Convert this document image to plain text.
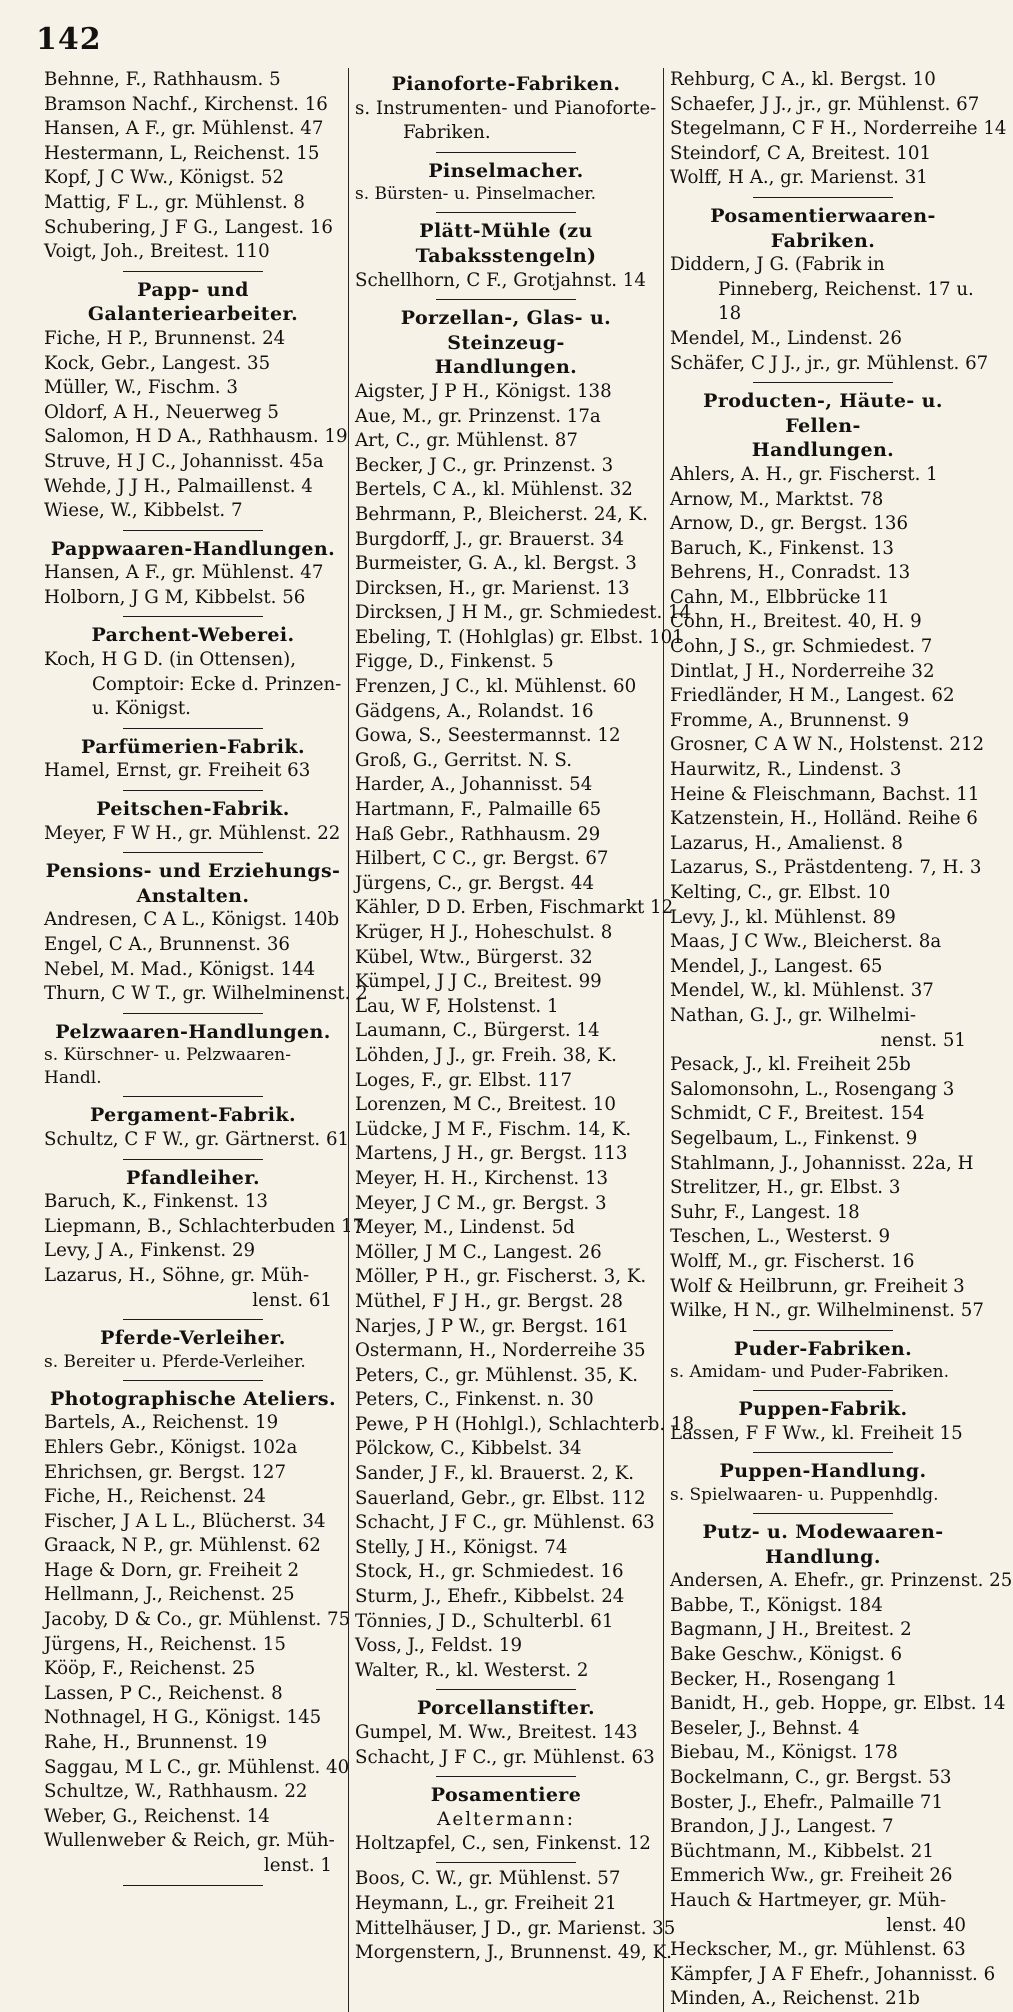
142
Behnne, F., Rathhausm. 5
Bramson Nachf., Kirchenst. 16
Hansen, A F., gr. Mühlenst. 47
Hestermann, L, Reichenst. 15
Kopf, J C Ww., Königst. 52
Mattig, F L., gr. Mühlenst. 8
Schubering, J F G., Langest. 16
Voigt, Joh., Breitest. 110
Papp- und Galanteriearbeiter.
Fiche, H P., Brunnenst. 24
Kock, Gebr., Langest. 35
Müller, W., Fischm. 3
Oldorf, A H., Neuerweg 5
Salomon, H D A., Rathhausm. 19
Struve, H J C., Johannisst. 45a
Wehde, J J H., Palmaillenst. 4
Wiese, W., Kibbelst. 7
Pappwaaren-Handlungen.
Hansen, A F., gr. Mühlenst. 47
Holborn, J G M, Kibbelst. 56
Parchent-Weberei.
Koch, H G D. (in Ottensen), Comptoir: Ecke d. Prinzen- u. Königst.
Parfümerien-Fabrik.
Hamel, Ernst, gr. Freiheit 63
Peitschen-Fabrik.
Meyer, F W H., gr. Mühlenst. 22
Pensions- und Erziehungs-
Anstalten.
Andresen, C A L., Königst. 140b
Engel, C A., Brunnenst. 36
Nebel, M. Mad., Königst. 144
Thurn, C W T., gr. Wilhelminenst. 2
Pelzwaaren-Handlungen.
s. Kürschner- u. Pelzwaaren-Handl.
Pergament-Fabrik.
Schultz, C F W., gr. Gärtnerst. 61
Pfandleiher.
Baruch, K., Finkenst. 13
Liepmann, B., Schlachterbuden 17
Levy, J A., Finkenst. 29
Lazarus, H., Söhne, gr. Müh-
lenst. 61
Pferde-Verleiher.
s. Bereiter u. Pferde-Verleiher.
Photographische Ateliers.
Bartels, A., Reichenst. 19
Ehlers Gebr., Königst. 102a
Ehrichsen, gr. Bergst. 127
Fiche, H., Reichenst. 24
Fischer, J A L L., Blücherst. 34
Graack, N P., gr. Mühlenst. 62
Hage & Dorn, gr. Freiheit 2
Hellmann, J., Reichenst. 25
Jacoby, D & Co., gr. Mühlenst. 75
Jürgens, H., Reichenst. 15
Kööp, F., Reichenst. 25
Lassen, P C., Reichenst. 8
Nothnagel, H G., Königst. 145
Rahe, H., Brunnenst. 19
Saggau, M L C., gr. Mühlenst. 40
Schultze, W., Rathhausm. 22
Weber, G., Reichenst. 14
Wullenweber & Reich, gr. Müh-
lenst. 1
Pianoforte-Fabriken.
s. Instrumenten- und Pianoforte-Fabriken.
Pinselmacher.
s. Bürsten- u. Pinselmacher.
Plätt-Mühle (zu Tabaksstengeln)
Schellhorn, C F., Grotjahnst. 14
Porzellan-, Glas- u. Steinzeug-
Handlungen.
Aigster, J P H., Königst. 138
Aue, M., gr. Prinzenst. 17a
Art, C., gr. Mühlenst. 87
Becker, J C., gr. Prinzenst. 3
Bertels, C A., kl. Mühlenst. 32
Behrmann, P., Bleicherst. 24, K.
Burgdorff, J., gr. Brauerst. 34
Burmeister, G. A., kl. Bergst. 3
Dircksen, H., gr. Marienst. 13
Dircksen, J H M., gr. Schmiedest. 14
Ebeling, T. (Hohlglas) gr. Elbst. 101
Figge, D., Finkenst. 5
Frenzen, J C., kl. Mühlenst. 60
Gädgens, A., Rolandst. 16
Gowa, S., Seestermannst. 12
Groß, G., Gerritst. N. S.
Harder, A., Johannisst. 54
Hartmann, F., Palmaille 65
Haß Gebr., Rathhausm. 29
Hilbert, C C., gr. Bergst. 67
Jürgens, C., gr. Bergst. 44
Kähler, D D. Erben, Fischmarkt 12
Krüger, H J., Hoheschulst. 8
Kübel, Wtw., Bürgerst. 32
Kümpel, J J C., Breitest. 99
Lau, W F, Holstenst. 1
Laumann, C., Bürgerst. 14
Löhden, J J., gr. Freih. 38, K.
Loges, F., gr. Elbst. 117
Lorenzen, M C., Breitest. 10
Lüdcke, J M F., Fischm. 14, K.
Martens, J H., gr. Bergst. 113
Meyer, H. H., Kirchenst. 13
Meyer, J C M., gr. Bergst. 3
Meyer, M., Lindenst. 5d
Möller, J M C., Langest. 26
Möller, P H., gr. Fischerst. 3, K.
Müthel, F J H., gr. Bergst. 28
Narjes, J P W., gr. Bergst. 161
Ostermann, H., Norderreihe 35
Peters, C., gr. Mühlenst. 35, K.
Peters, C., Finkenst. n. 30
Pewe, P H (Hohlgl.), Schlachterb. 18
Pölckow, C., Kibbelst. 34
Sander, J F., kl. Brauerst. 2, K.
Sauerland, Gebr., gr. Elbst. 112
Schacht, J F C., gr. Mühlenst. 63
Stelly, J H., Königst. 74
Stock, H., gr. Schmiedest. 16
Sturm, J., Ehefr., Kibbelst. 24
Tönnies, J D., Schulterbl. 61
Voss, J., Feldst. 19
Walter, R., kl. Westerst. 2
Porcellanstifter.
Gumpel, M. Ww., Breitest. 143
Schacht, J F C., gr. Mühlenst. 63
Posamentiere
Aeltermann:
Holtzapfel, C., sen, Finkenst. 12
Boos, C. W., gr. Mühlenst. 57
Heymann, L., gr. Freiheit 21
Mittelhäuser, J D., gr. Marienst. 35
Morgenstern, J., Brunnenst. 49, K.
Rehburg, C A., kl. Bergst. 10
Schaefer, J J., jr., gr. Mühlenst. 67
Stegelmann, C F H., Norderreihe 14
Steindorf, C A, Breitest. 101
Wolff, H A., gr. Marienst. 31
Posamentierwaaren-Fabriken.
Diddern, J G. (Fabrik in Pinneberg, Reichenst. 17 u. 18
Mendel, M., Lindenst. 26
Schäfer, C J J., jr., gr. Mühlenst. 67
Producten-, Häute- u. Fellen-
Handlungen.
Ahlers, A. H., gr. Fischerst. 1
Arnow, M., Marktst. 78
Arnow, D., gr. Bergst. 136
Baruch, K., Finkenst. 13
Behrens, H., Conradst. 13
Cahn, M., Elbbrücke 11
Cohn, H., Breitest. 40, H. 9
Cohn, J S., gr. Schmiedest. 7
Dintlat, J H., Norderreihe 32
Friedländer, H M., Langest. 62
Fromme, A., Brunnenst. 9
Grosner, C A W N., Holstenst. 212
Haurwitz, R., Lindenst. 3
Heine & Fleischmann, Bachst. 11
Katzenstein, H., Holländ. Reihe 6
Lazarus, H., Amalienst. 8
Lazarus, S., Prästdenteng. 7, H. 3
Kelting, C., gr. Elbst. 10
Levy, J., kl. Mühlenst. 89
Maas, J C Ww., Bleicherst. 8a
Mendel, J., Langest. 65
Mendel, W., kl. Mühlenst. 37
Nathan, G. J., gr. Wilhelmi-
nenst. 51
Pesack, J., kl. Freiheit 25b
Salomonsohn, L., Rosengang 3
Schmidt, C F., Breitest. 154
Segelbaum, L., Finkenst. 9
Stahlmann, J., Johannisst. 22a, H
Strelitzer, H., gr. Elbst. 3
Suhr, F., Langest. 18
Teschen, L., Westerst. 9
Wolff, M., gr. Fischerst. 16
Wolf & Heilbrunn, gr. Freiheit 3
Wilke, H N., gr. Wilhelminenst. 57
Puder-Fabriken.
s. Amidam- und Puder-Fabriken.
Puppen-Fabrik.
Lassen, F F Ww., kl. Freiheit 15
Puppen-Handlung.
s. Spielwaaren- u. Puppenhdlg.
Putz- u. Modewaaren-Handlung.
Andersen, A. Ehefr., gr. Prinzenst. 25
Babbe, T., Königst. 184
Bagmann, J H., Breitest. 2
Bake Geschw., Königst. 6
Becker, H., Rosengang 1
Banidt, H., geb. Hoppe, gr. Elbst. 14
Beseler, J., Behnst. 4
Biebau, M., Königst. 178
Bockelmann, C., gr. Bergst. 53
Boster, J., Ehefr., Palmaille 71
Brandon, J J., Langest. 7
Büchtmann, M., Kibbelst. 21
Emmerich Ww., gr. Freiheit 26
Hauch & Hartmeyer, gr. Müh-
lenst. 40
Heckscher, M., gr. Mühlenst. 63
Kämpfer, J A F Ehefr., Johannisst. 6
Minden, A., Reichenst. 21b
